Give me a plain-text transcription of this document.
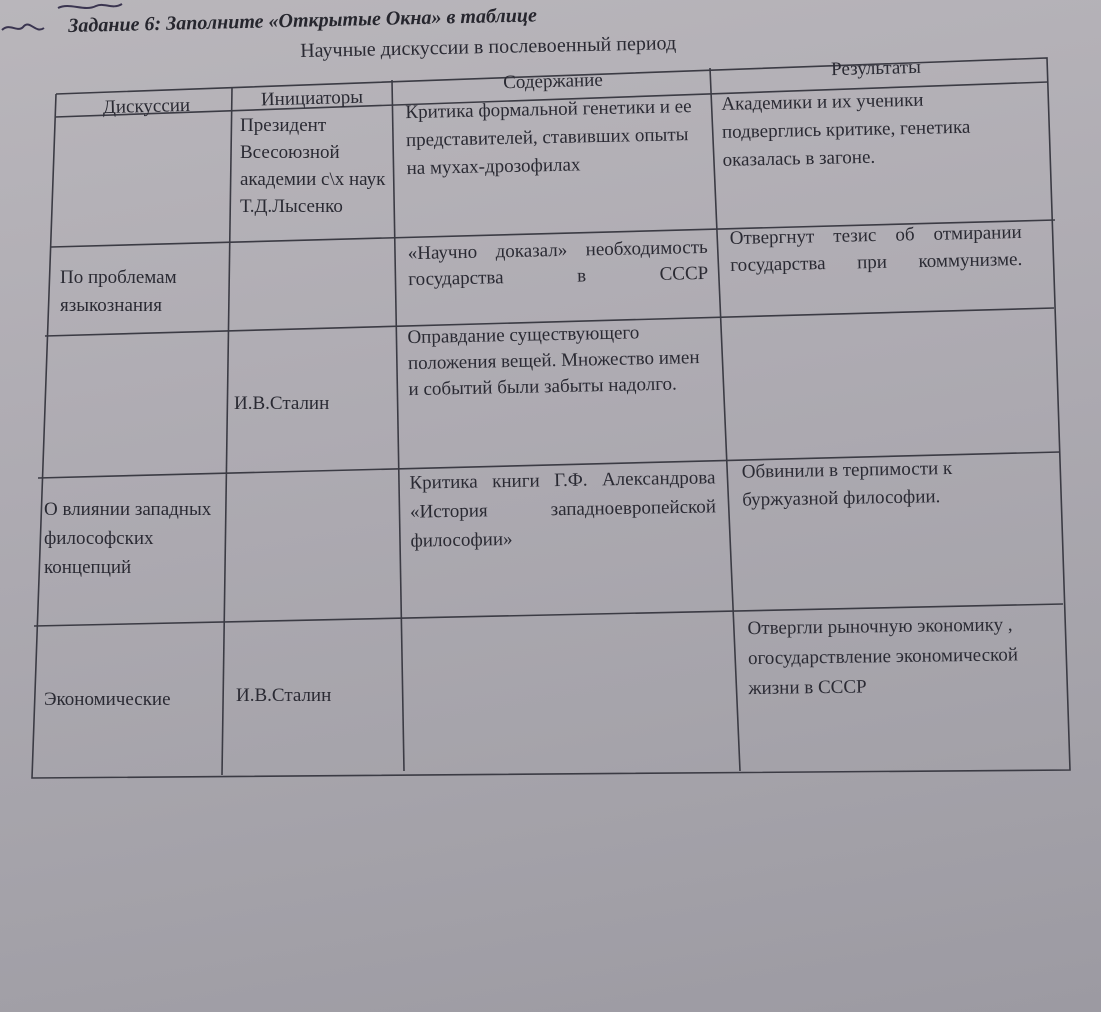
Задание 6: Заполните «Открытые Окна» в таблице
Научные дискуссии в послевоенный период
Дискуссии	Инициаторы
Содержание
Результаты
Президент Всесоюзной академии с\х наук Т.Д.Лысенко
Критика формальной генетики и ее представителей, ставивших опыты на мухах-дрозофилах
Академики и их ученики подверглись критике, генетика оказалась в загоне.
По проблемам языкознания
«Научно доказал» необходимость государства в СССР
Отвергнут тезис об отмирании государства при коммунизме.
И.В.Сталин
Оправдание существующего положения вещей. Множество имен и событий были забыты надолго.
О влиянии западных философских концепций
Критика книги Г.Ф. Александрова «История западноевропейской философии»
Обвинили в терпимости к буржуазной философии.
Экономические	И.В.Сталин
Отвергли рыночную экономику , огосударствление экономической жизни в СССР
